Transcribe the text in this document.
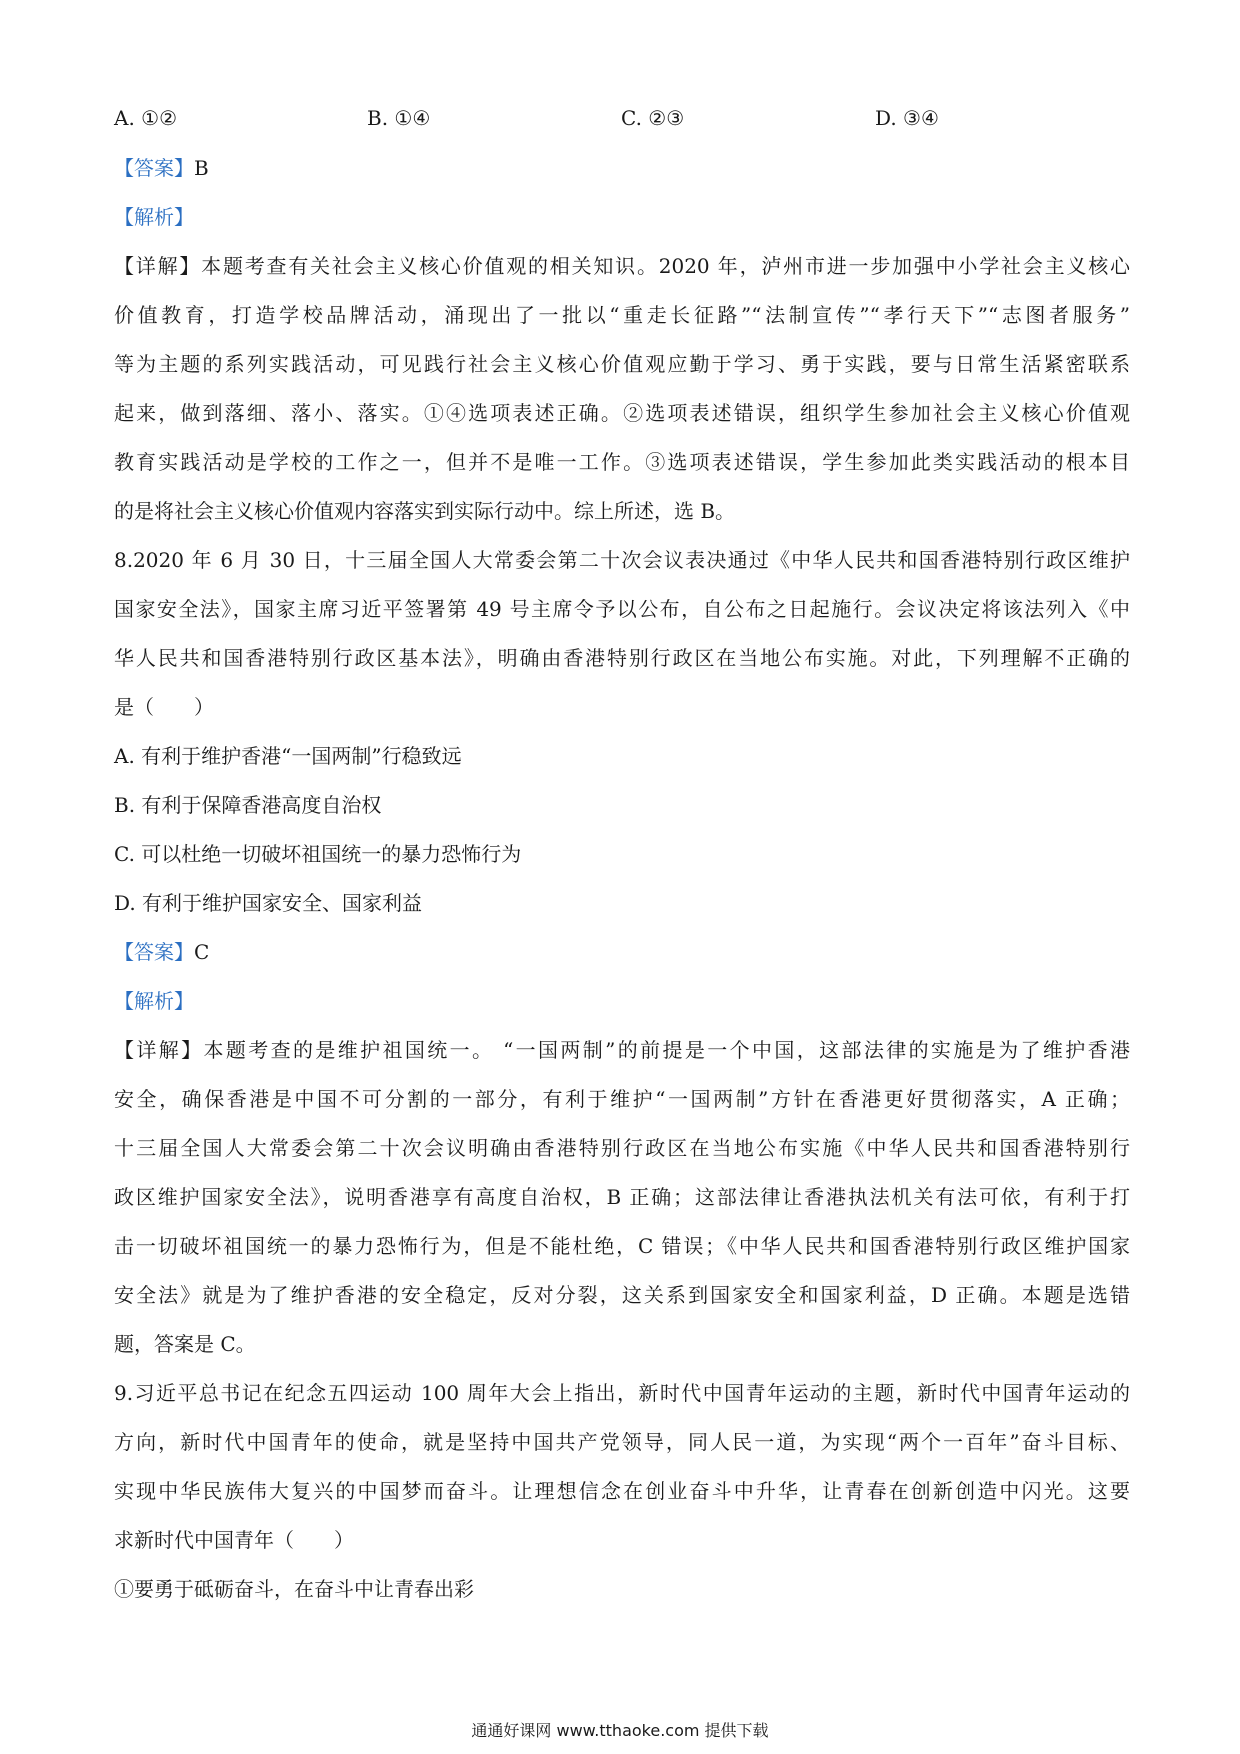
A. ①②	B. ①④	C. ②③	D. ③④
【答案】B
【解析】
【详解】本题考查有关社会主义核心价值观的相关知识。2020 年，泸州市进一步加强中小学社会主义核心
价值教育，打造学校品牌活动，涌现出了一批以“重走长征路”“法制宣传”“孝行天下”“志图者服务”
等为主题的系列实践活动，可见践行社会主义核心价值观应勤于学习、勇于实践，要与日常生活紧密联系
起来，做到落细、落小、落实。①④选项表述正确。②选项表述错误，组织学生参加社会主义核心价值观
教育实践活动是学校的工作之一，但并不是唯一工作。③选项表述错误，学生参加此类实践活动的根本目
的是将社会主义核心价值观内容落实到实际行动中。综上所述，选 B。
8.2020 年 6 月 30 日，十三届全国人大常委会第二十次会议表决通过《中华人民共和国香港特别行政区维护
国家安全法》，国家主席习近平签署第 49 号主席令予以公布，自公布之日起施行。会议决定将该法列入《中
华人民共和国香港特别行政区基本法》，明确由香港特别行政区在当地公布实施。对此，下列理解不正确的
是（　　）
A. 有利于维护香港“一国两制”行稳致远
B. 有利于保障香港高度自治权
C. 可以杜绝一切破坏祖国统一的暴力恐怖行为
D. 有利于维护国家安全、国家利益
【答案】C
【解析】
【详解】本题考查的是维护祖国统一。 “一国两制”的前提是一个中国，这部法律的实施是为了维护香港
安全，确保香港是中国不可分割的一部分，有利于维护“一国两制”方针在香港更好贯彻落实，A 正确；
十三届全国人大常委会第二十次会议明确由香港特别行政区在当地公布实施《中华人民共和国香港特别行
政区维护国家安全法》，说明香港享有高度自治权，B 正确；这部法律让香港执法机关有法可依，有利于打
击一切破坏祖国统一的暴力恐怖行为，但是不能杜绝，C 错误；《中华人民共和国香港特别行政区维护国家
安全法》就是为了维护香港的安全稳定，反对分裂，这关系到国家安全和国家利益，D 正确。本题是选错
题，答案是 C。
9.习近平总书记在纪念五四运动 100 周年大会上指出，新时代中国青年运动的主题，新时代中国青年运动的
方向，新时代中国青年的使命，就是坚持中国共产党领导，同人民一道，为实现“两个一百年”奋斗目标、
实现中华民族伟大复兴的中国梦而奋斗。让理想信念在创业奋斗中升华，让青春在创新创造中闪光。这要
求新时代中国青年（　　）
①要勇于砥砺奋斗，在奋斗中让青春出彩
通通好课网 www.tthaoke.com 提供下载
